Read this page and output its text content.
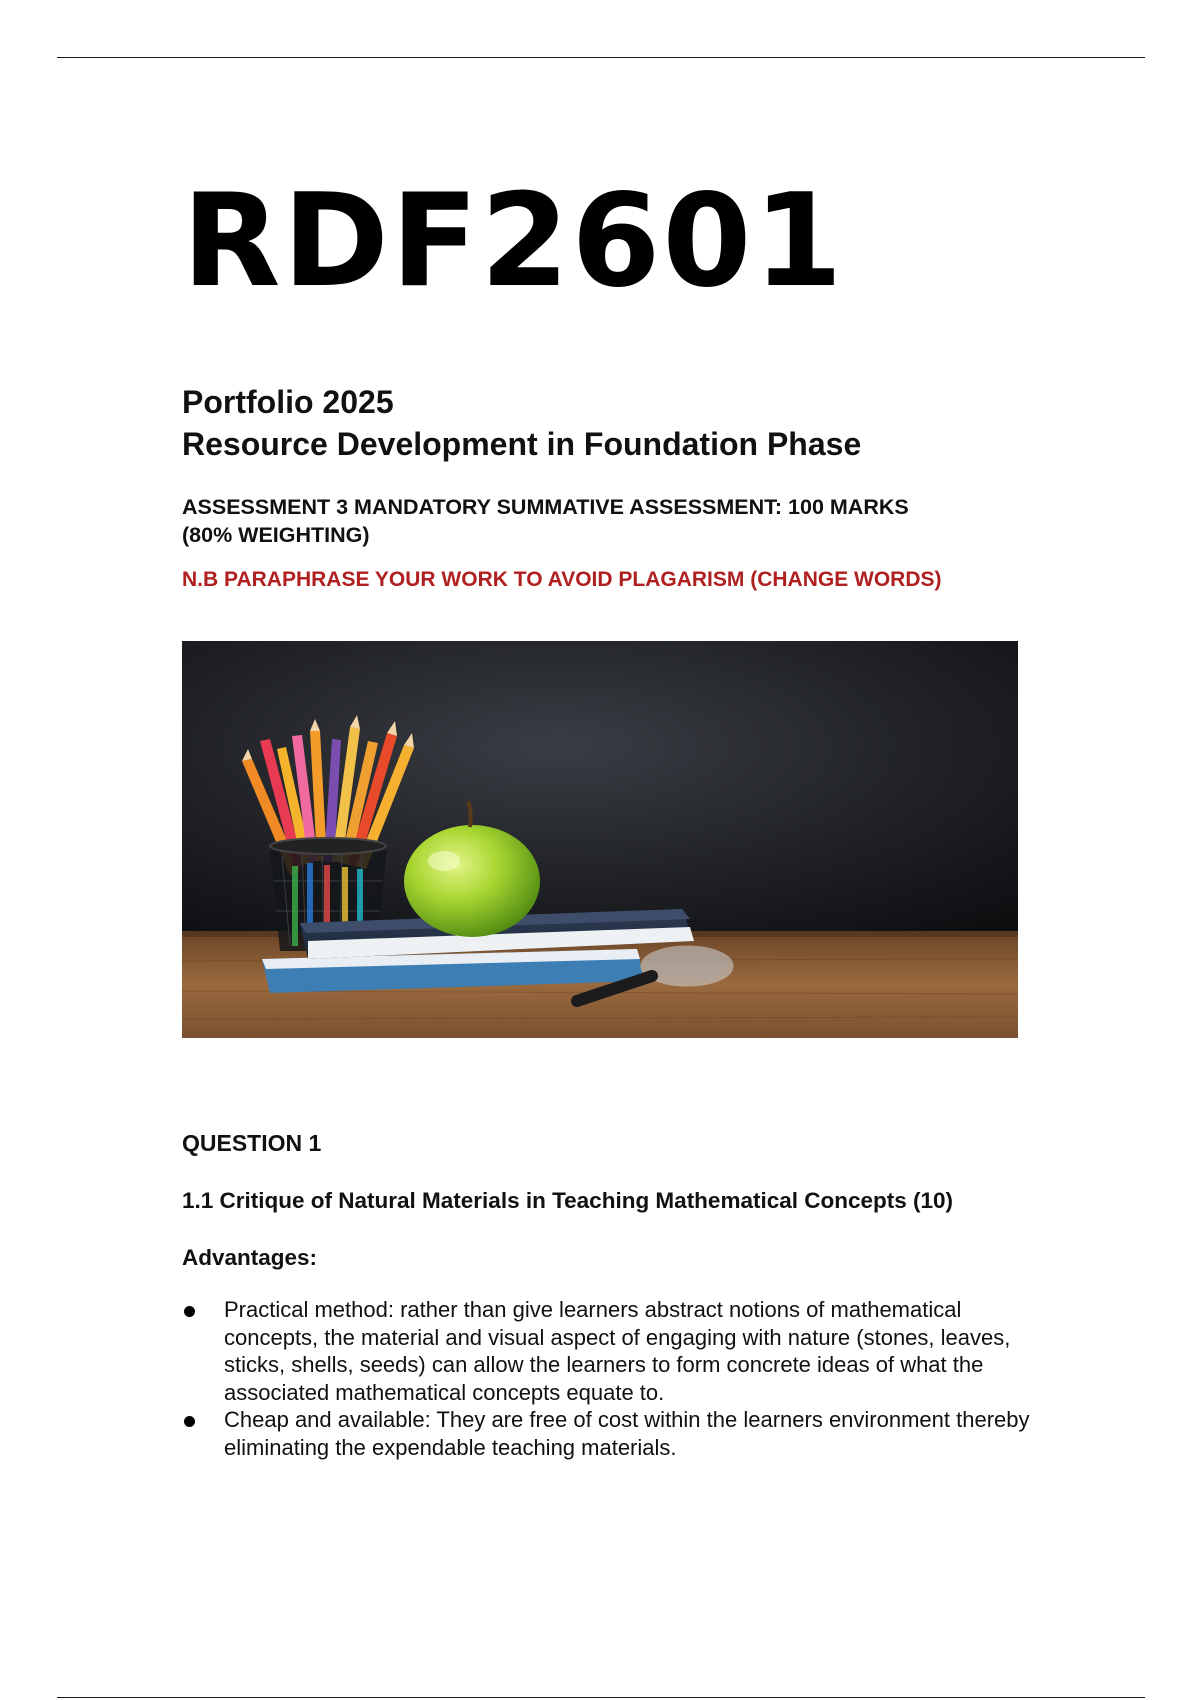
RDF2601
Portfolio 2025
Resource Development in Foundation Phase
ASSESSMENT 3 MANDATORY SUMMATIVE ASSESSMENT: 100 MARKS
(80% WEIGHTING)
N.B PARAPHRASE YOUR WORK TO AVOID PLAGARISM (CHANGE WORDS)
QUESTION 1
1.1 Critique of Natural Materials in Teaching Mathematical Concepts (10)
Advantages:
Practical method: rather than give learners abstract notions of mathematical concepts, the material and visual aspect of engaging with nature (stones, leaves, sticks, shells, seeds) can allow the learners to form concrete ideas of what the associated mathematical concepts equate to.
Cheap and available: They are free of cost within the learners environment thereby eliminating the expendable teaching materials.
